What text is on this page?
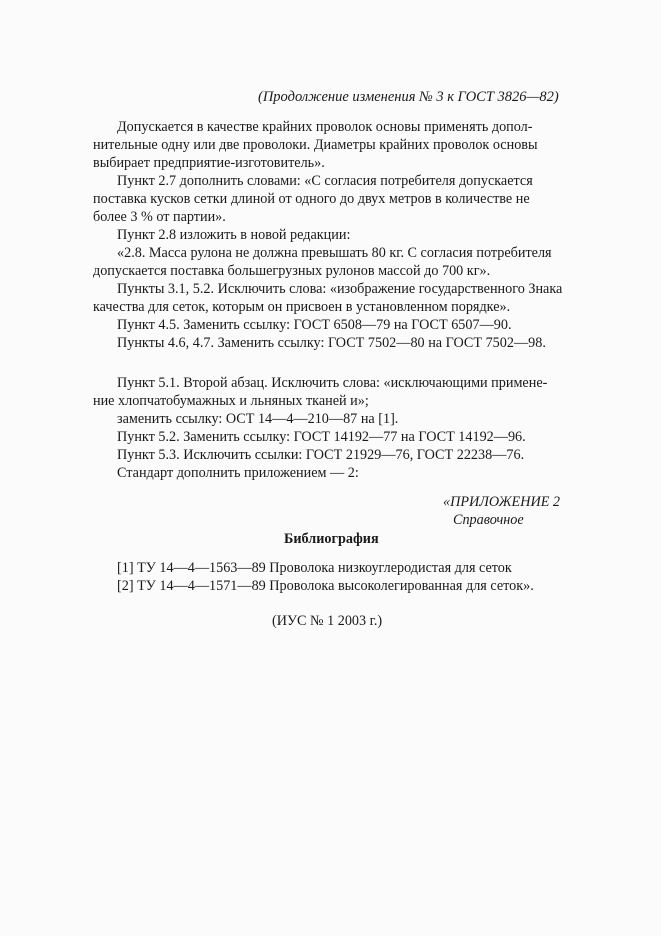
(Продолжение изменения № 3 к ГОСТ 3826—82)
Допускается в качестве крайних проволок основы применять допол-
нительные одну или две проволоки. Диаметры крайних проволок основы
выбирает предприятие-изготовитель».
Пункт 2.7 дополнить словами: «С согласия потребителя допускается
поставка кусков сетки длиной от одного до двух метров в количестве не
более 3 % от партии».
Пункт 2.8 изложить в новой редакции:
«2.8. Масса рулона не должна превышать 80 кг. С согласия потребителя
допускается поставка большегрузных рулонов массой до 700 кг».
Пункты 3.1, 5.2. Исключить слова: «изображение государственного Знака
качества для сеток, которым он присвоен в установленном порядке».
Пункт 4.5. Заменить ссылку: ГОСТ 6508—79 на ГОСТ 6507—90.
Пункты 4.6, 4.7. Заменить ссылку: ГОСТ 7502—80 на ГОСТ 7502—98.
Пункт 5.1. Второй абзац. Исключить слова: «исключающими примене-
ние хлопчатобумажных и льняных тканей и»;
заменить ссылку: ОСТ 14—4—210—87 на [1].
Пункт 5.2. Заменить ссылку: ГОСТ 14192—77 на ГОСТ 14192—96.
Пункт 5.3. Исключить ссылки: ГОСТ 21929—76, ГОСТ 22238—76.
Стандарт дополнить приложением — 2:
«ПРИЛОЖЕНИЕ 2
Справочное
Библиография
[1] ТУ 14—4—1563—89 Проволока низкоуглеродистая для сеток
[2] ТУ 14—4—1571—89 Проволока высоколегированная для сеток».
(ИУС № 1 2003 г.)
